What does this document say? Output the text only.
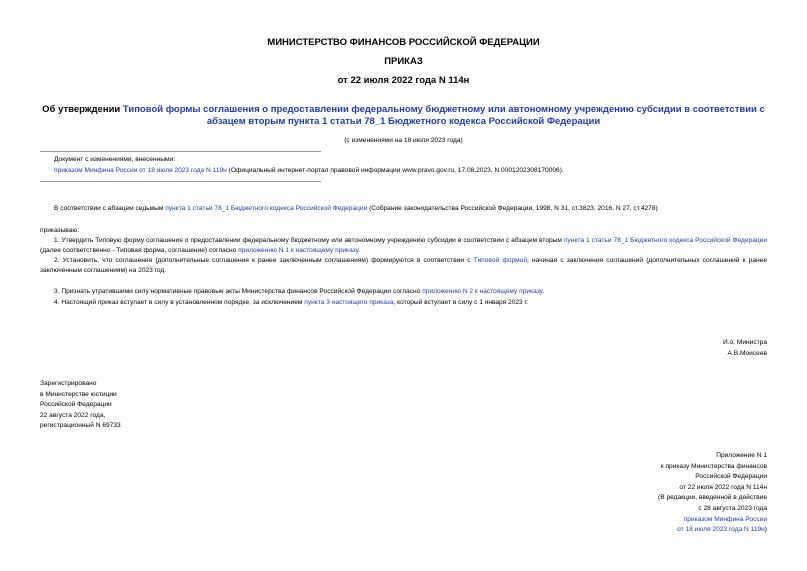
МИНИСТЕРСТВО ФИНАНСОВ РОССИЙСКОЙ ФЕДЕРАЦИИ
ПРИКАЗ
от 22 июля 2022 года N 114н
Об утверждении Типовой формы соглашения о предоставлении федеральному бюджетному или автономному учреждению субсидии в соответствии с абзацем вторым пункта 1 статьи 78_1 Бюджетного кодекса Российской Федерации
(с изменениями на 18 июля 2023 года)
Документ с изменениями, внесенными:
приказом Минфина России от 18 июля 2023 года N 119н (Официальный интернет-портал правовой информации www.pravo.gov.ru, 17.08.2023, N 0001202308170006).
В соответствии с абзацем седьмым пункта 1 статьи 78_1 Бюджетного кодекса Российской Федерации (Собрание законодательства Российской Федерации, 1998, N 31, ст.3823; 2016, N 27, ст.4278)
приказываю:
1. Утвердить Типовую форму соглашения о предоставлении федеральному бюджетному или автономному учреждению субсидии в соответствии с абзацем вторым пункта 1 статьи 78_1 Бюджетного кодекса Российской Федерации (далее соответственно - Типовая форма, соглашение) согласно приложению N 1 к настоящему приказу.
2. Установить, что соглашения (дополнительные соглашения к ранее заключенным соглашениям) формируются в соответствии с Типовой формой, начиная с заключения соглашений (дополнительных соглашений к ранее заключенным соглашениям) на 2023 год.
3. Признать утратившими силу нормативные правовые акты Министерства финансов Российской Федерации согласно приложению N 2 к настоящему приказу.
4. Настоящий приказ вступает в силу в установленном порядке, за исключением пункта 3 настоящего приказа, который вступает в силу с 1 января 2023 г.
И.о. Министра
А.В.Моисеев
Зарегистрировано
в Министерстве юстиции
Российской Федерации
22 августа 2022 года,
регистрационный N 69733
Приложение N 1
к приказу Министерства финансов
Российской Федерации
от 22 июля 2022 года N 114н
(В редакции, введенной в действие
с 28 августа 2023 года
приказом Минфина России
от 18 июля 2023 года N 119н)
